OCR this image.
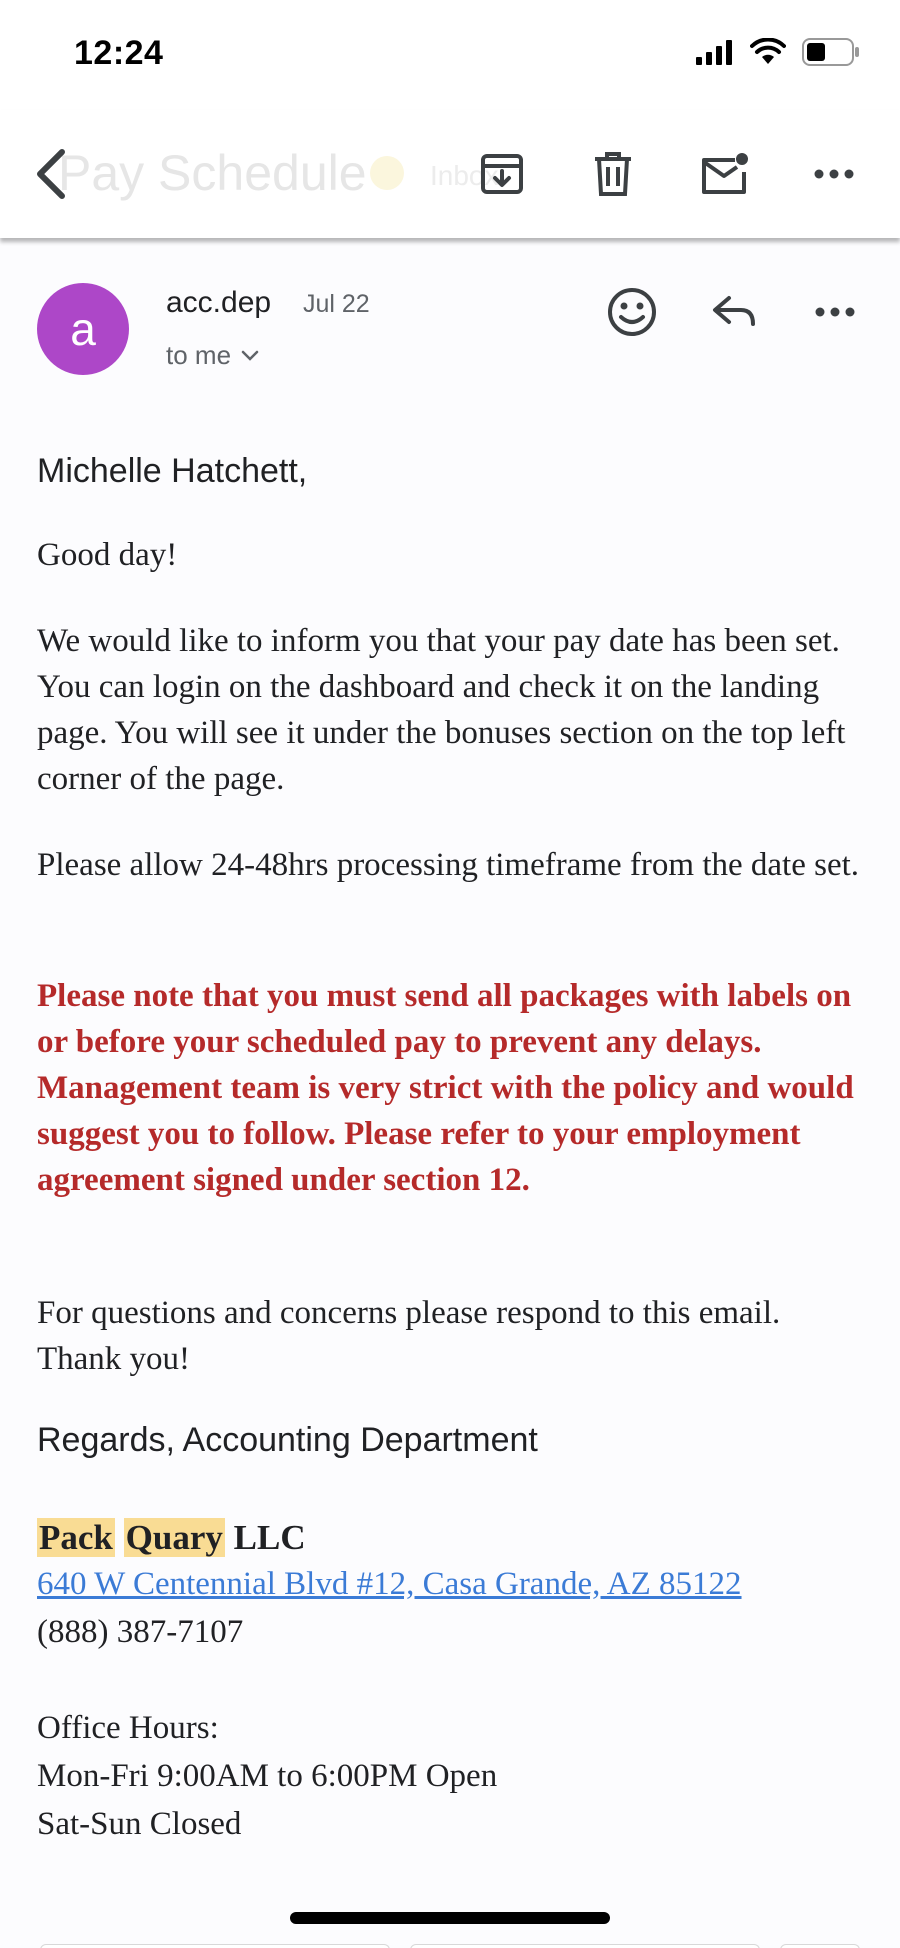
12:24
Pay Schedule Inbox
a
acc.dep Jul 22
to me
Michelle Hatchett,
Good day!
We would like to inform you that your pay date has been set. You can login on the dashboard and check it on the landing page. You will see it under the bonuses section on the top left corner of the page.
Please allow 24-48hrs processing timeframe from the date set.
Please note that you must send all packages with labels on or before your scheduled pay to prevent any delays. Management team is very strict with the policy and would suggest you to follow. Please refer to your employment agreement signed under section 12.
For questions and concerns please respond to this email. Thank you!
Regards, Accounting Department
Pack Quary LLC
640 W Centennial Blvd #12, Casa Grande, AZ 85122
(888) 387-7107
Office Hours:
Mon-Fri 9:00AM to 6:00PM Open
Sat-Sun Closed
